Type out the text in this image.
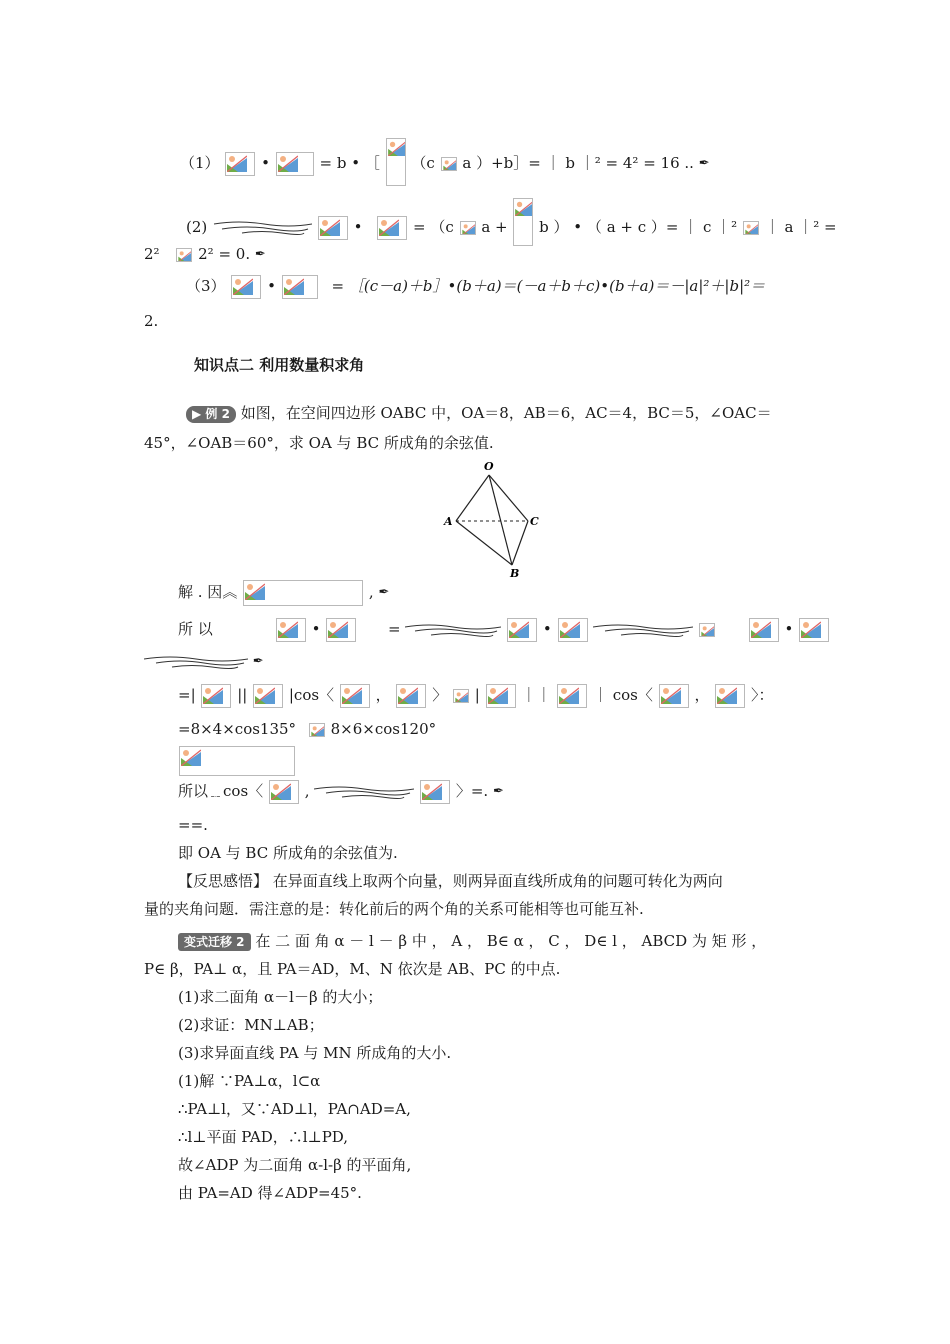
（1）	•	= b • ［ （c a ）+b］= ｜ b ｜² = 4² = 16 .. ✒
(2)	•	= （c a + b ） • （ a + c ）= ｜ c ｜² ｜ a ｜² =
2²	2² = 0. ✒
（3）	•	= ［(c－a)＋b］•(b＋a)＝(－a＋b＋c)•(b＋a)＝－|a|²＋|b|²＝
2.
知识点二 利用数量积求角
▶ 例 2 如图，在空间四边形 OABC 中，OA＝8，AB＝6，AC＝4，BC＝5，∠OAC＝
45°，∠OAB＝60°，求 OA 与 BC 所成角的余弦值.
O
A	C
B
解 . 因︽	, ✒
所 以	•	=	•

	•
✒
=|	||	|cos〈	，	〉 |	｜｜	｜ cos〈	，	〉：
=8×4×cos135° 8×6×cos120°
所以﹎cos〈	,	〉=. ✒
==.
即 OA 与 BC 所成角的余弦值为.
【反思感悟】 在异面直线上取两个向量，则两异面直线所成角的问题可转化为两向
量的夹角问题．需注意的是：转化前后的两个角的关系可能相等也可能互补.
变式迁移 2 在 二 面 角 α － l － β 中 ， A ， B∈ α ， C ， D∈ l ， ABCD 为 矩 形 ，
P∈ β，PA⊥ α，且 PA＝AD，M、N 依次是 AB、PC 的中点.
(1)求二面角 α－l－β 的大小；
(2)求证：MN⊥AB；
(3)求异面直线 PA 与 MN 所成角的大小.
(1)解 ∵PA⊥α，l⊂α
∴PA⊥l，又∵AD⊥l，PA∩AD=A,
∴l⊥平面 PAD，∴l⊥PD,
故∠ADP 为二面角 α-l-β 的平面角,
由 PA=AD 得∠ADP=45°.
